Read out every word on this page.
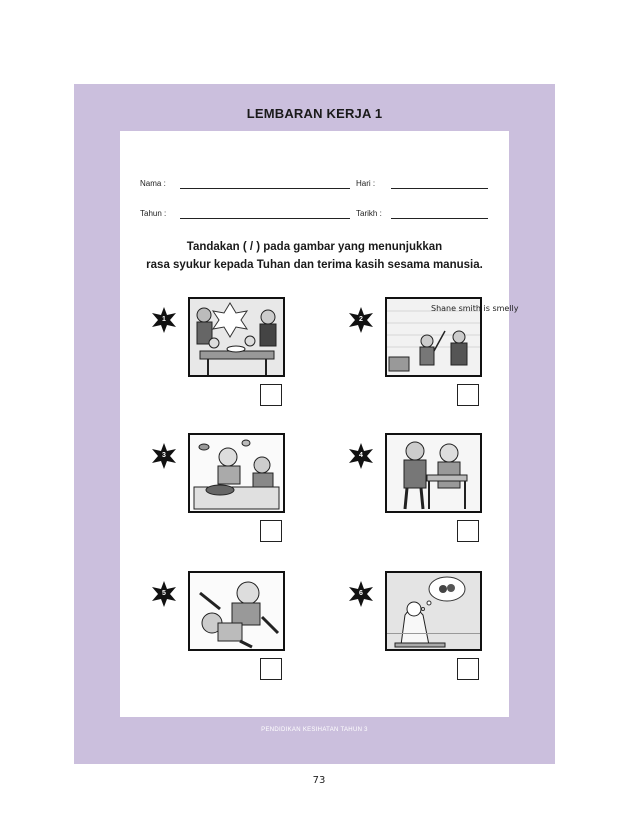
LEMBARAN KERJA 1
Nama :	Hari :
Tahun :	Tarikh :
Tandakan ( / ) pada gambar yang menunjukkan
rasa syukur kepada Tuhan dan terima kasih sesama manusia.
1	2
Shane smith is smelly
3	4
5	6
PENDIDIKAN KESIHATAN TAHUN 3
73
